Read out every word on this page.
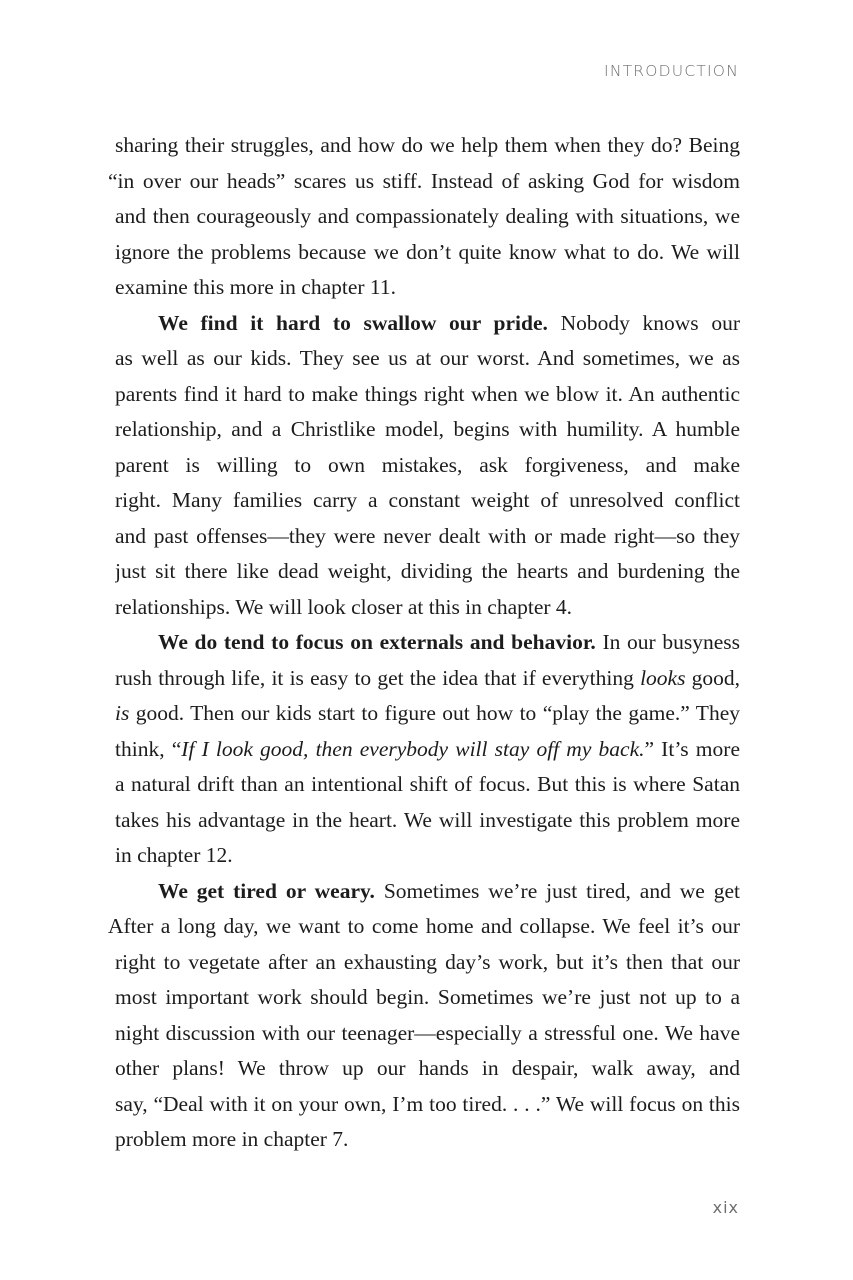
INTRODUCTION
sharing their struggles, and how do we help them when they do? Being
“in over our heads” scares us stiff. Instead of asking God for wisdom
and then courageously and compassionately dealing with situations, we
ignore the problems because we don’t quite know what to do. We will
examine this more in chapter 11.
We find it hard to swallow our pride. Nobody knows our
as well as our kids. They see us at our worst. And sometimes, we as
parents find it hard to make things right when we blow it. An authentic
relationship, and a Christlike model, begins with humility. A humble
parent is willing to own mistakes, ask forgiveness, and make
right. Many families carry a constant weight of unresolved conflict
and past offenses—they were never dealt with or made right—so they
just sit there like dead weight, dividing the hearts and burdening the
relationships. We will look closer at this in chapter 4.
We do tend to focus on externals and behavior. In our busyness
rush through life, it is easy to get the idea that if everything looks good,
is good. Then our kids start to figure out how to “play the game.” They
think, “If I look good, then everybody will stay off my back.” It’s more
a natural drift than an intentional shift of focus. But this is where Satan
takes his advantage in the heart. We will investigate this problem more
in chapter 12.
We get tired or weary. Sometimes we’re just tired, and we get
After a long day, we want to come home and collapse. We feel it’s our
right to vegetate after an exhausting day’s work, but it’s then that our
most important work should begin. Sometimes we’re just not up to a
night discussion with our teenager—especially a stressful one. We have
other plans! We throw up our hands in despair, walk away, and
say, “Deal with it on your own, I’m too tired. . . .” We will focus on this
problem more in chapter 7.
xix
